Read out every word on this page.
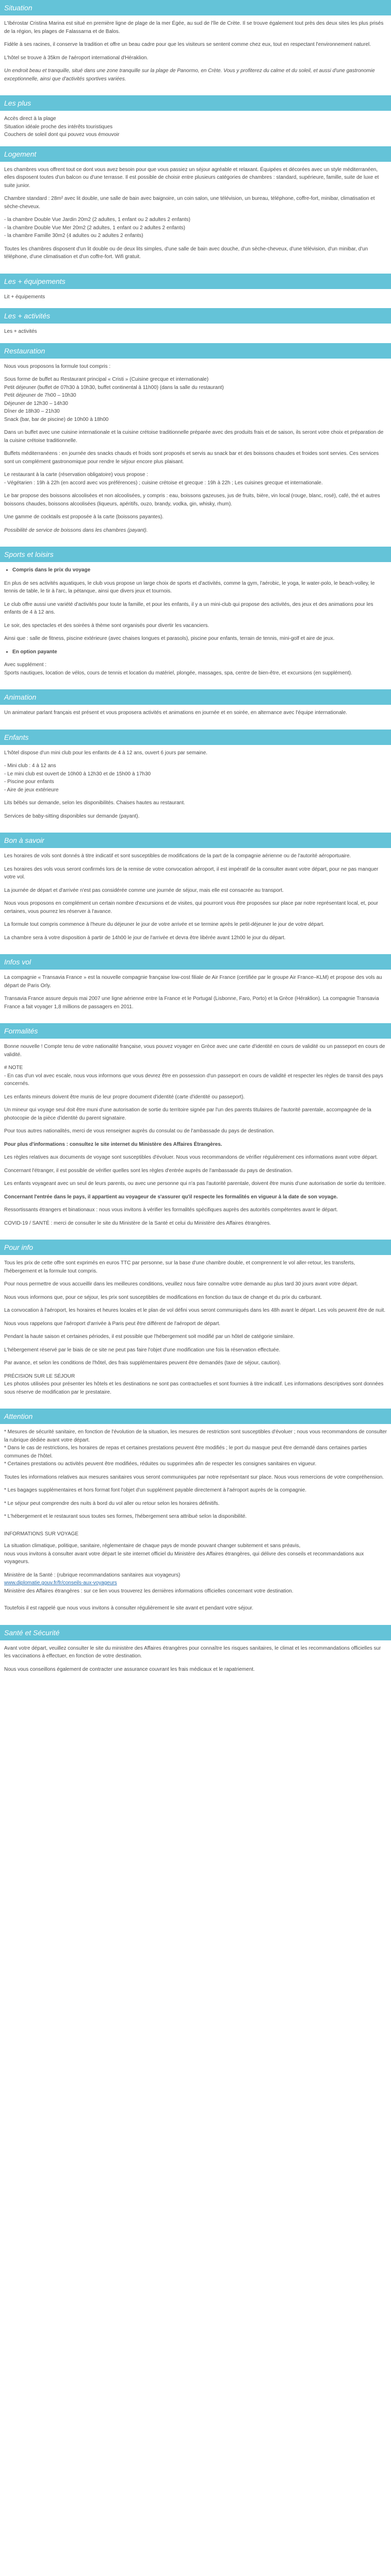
Situation

L'Ibérostar Cristina Marina est situé en première ligne de plage de la mer Égée, au sud de l'île de Crète. Il se trouve également tout près des deux sites les plus prisés de la région, les plages de Falassarna et de Balos.

Fidèle à ses racines, il conserve la tradition et offre un beau cadre pour que les visiteurs se sentent comme chez eux, tout en respectant l'environnement naturel.

L'hôtel se trouve à 35km de l'aéroport international d'Héraklion.

Un endroit beau et tranquille, situé dans une zone tranquille sur la plage de Panormo, en Crète. Vous y profiterez du calme et du soleil, et aussi d'une gastronomie exceptionnelle, ainsi que d'activités sportives variées.

Les plus

Accès direct à la plage

Situation idéale proche des intérêts touristiques

Couchers de soleil dont qui pouvez vous émouvoir

Logement

Les chambres vous offrent tout ce dont vous avez besoin pour que vous passiez un séjour agréable et relaxant. Équipées et décorées avec un style méditerranéen, elles disposent toutes d'un balcon ou d'une terrasse. Il est possible de choisir entre plusieurs catégories de chambres : standard, supérieure, famille, suite de luxe et suite junior.

Chambre standard : 28m² avec lit double, une salle de bain avec baignoire, un coin salon, une télévision, un bureau, téléphone, coffre-fort, minibar, climatisation et sèche-cheveux.

- la chambre Double Vue Jardin 20m2 (2 adultes, 1 enfant ou 2 adultes 2 enfants)

- la chambre Double Vue Mer 20m2 (2 adultes, 1 enfant ou 2 adultes 2 enfants)

- la chambre Famille 30m2 (4 adultes ou 2 adultes 2 enfants)

Toutes les chambres disposent d'un lit double ou de deux lits simples, d'une salle de bain avec douche, d'un sèche-cheveux, d'une télévision, d'un minibar, d'un téléphone, d'une climatisation et d'un coffre-fort. Wifi gratuit.

Les + équipements

Lit + équipements

Les + activités

Les + activités

Restauration

Nous vous proposons la formule tout compris :

Sous forme de buffet au Restaurant principal « Cristi » (Cuisine grecque et internationale)

Petit déjeuner (buffet de 07h30 à 10h30, buffet continental à 11h00) (dans la salle du restaurant)

Petit déjeuner de 7h00 – 10h30

Déjeuner de 12h30 – 14h30

Dîner de 18h30 – 21h30

Snack (bar, bar de piscine) de 10h00 à 18h00

Dans un buffet avec une cuisine internationale et la cuisine crétoise traditionnelle préparée avec des produits frais et de saison, ils seront votre choix et préparation de la cuisine crétoise traditionnelle.

Buffets méditerranéens : en journée des snacks chauds et froids sont proposés et servis au snack bar et des boissons chaudes et froides sont servies. Ces services sont un complément gastronomique pour rendre le séjour encore plus plaisant.

Le restaurant à la carte (réservation obligatoire) vous propose :

- Végétarien : 19h à 22h (en accord avec vos préférences) ; cuisine crétoise et grecque : 19h à 22h ; Les cuisines grecque et internationale.

Le bar propose des boissons alcoolisées et non alcoolisées, y compris : eau, boissons gazeuses, jus de fruits, bière, vin local (rouge, blanc, rosé), café, thé et autres boissons chaudes, boissons alcoolisées (liqueurs, apéritifs, ouzo, brandy, vodka, gin, whisky, rhum).

Une gamme de cocktails est proposée à la carte (boissons payantes).

Possibilité de service de boissons dans les chambres (payant).

Sports et loisirs
• Compris dans le prix du voyage

En plus de ses activités aquatiques, le club vous propose un large choix de sports et d'activités, comme la gym, l'aérobic, le yoga, le water-polo, le beach-volley, le tennis de table, le tir à l'arc, la pétanque, ainsi que divers jeux et tournois.

Le club offre aussi une variété d'activités pour toute la famille, et pour les enfants, il y a un mini-club qui propose des activités, des jeux et des animations pour les enfants de 4 à 12 ans.

Le soir, des spectacles et des soirées à thème sont organisés pour divertir les vacanciers.

Ainsi que : salle de fitness, piscine extérieure (avec chaises longues et parasols), piscine pour enfants, terrain de tennis, mini-golf et aire de jeux.

• En option payante

Avec supplément :

Sports nautiques, location de vélos, cours de tennis et location du matériel, plongée, massages, spa, centre de bien-être, et excursions (en supplément).

Animation

Un animateur parlant français est présent et vous proposera activités et animations en journée et en soirée, en alternance avec l'équipe internationale.

Enfants

L'hôtel dispose d'un mini club pour les enfants de 4 à 12 ans, ouvert 6 jours par semaine.

- Mini club : 4 à 12 ans

- Le mini club est ouvert de 10h00 à 12h30 et de 15h00 à 17h30

- Piscine pour enfants

- Aire de jeux extérieure

Lits bébés sur demande, selon les disponibilités. Chaises hautes au restaurant.

Services de baby-sitting disponibles sur demande (payant).

Bon à savoir

Les horaires de vols sont donnés à titre indicatif et sont susceptibles de modifications de la part de la compagnie aérienne ou de l'autorité aéroportuaire.

Les horaires des vols vous seront confirmés lors de la remise de votre convocation aéroport, il est impératif de la consulter avant votre départ, pour ne pas manquer votre vol.

La journée de départ et d'arrivée n'est pas considérée comme une journée de séjour, mais elle est consacrée au transport.

Nous vous proposons en complément un certain nombre d'excursions et de visites, qui pourront vous être proposées sur place par notre représentant local, et, pour certaines, vous pourrez les réserver à l'avance.

La formule tout compris commence à l'heure du déjeuner le jour de votre arrivée et se termine après le petit-déjeuner le jour de votre départ.

La chambre sera à votre disposition à partir de 14h00 le jour de l'arrivée et devra être libérée avant 12h00 le jour du départ.

Infos vol

La compagnie « Transavia France » est la nouvelle compagnie française low-cost filiale de Air France (certifiée par le groupe Air France–KLM) et propose des vols au départ de Paris Orly.

Transavia France assure depuis mai 2007 une ligne aérienne entre la France et le Portugal (Lisbonne, Faro, Porto) et la Grèce (Héraklion). La compagnie Transavia France a fait voyager 1,8 millions de passagers en 2011.

Formalités

Bonne nouvelle ! Compte tenu de votre nationalité française, vous pouvez voyager en Grèce avec une carte d'identité en cours de validité ou un passeport en cours de validité.

# NOTE

- En cas d'un vol avec escale, nous vous informons que vous devrez être en possession d'un passeport en cours de validité et respecter les règles de transit des pays concernés.

Les enfants mineurs doivent être munis de leur propre document d'identité (carte d'identité ou passeport).

Un mineur qui voyage seul doit être muni d'une autorisation de sortie du territoire signée par l'un des parents titulaires de l'autorité parentale, accompagnée de la photocopie de la pièce d'identité du parent signataire.

Pour tous autres nationalités, merci de vous renseigner auprès du consulat ou de l'ambassade du pays de destination.

Pour plus d'informations : consultez le site internet du Ministère des Affaires Étrangères.

Les règles relatives aux documents de voyage sont susceptibles d'évoluer. Nous vous recommandons de vérifier régulièrement ces informations avant votre départ.

Concernant l'étranger, il est possible de vérifier quelles sont les règles d'entrée auprès de l'ambassade du pays de destination.

Les enfants voyageant avec un seul de leurs parents, ou avec une personne qui n'a pas l'autorité parentale, doivent être munis d'une autorisation de sortie du territoire.

Concernant l'entrée dans le pays, il appartient au voyageur de s'assurer qu'il respecte les formalités en vigueur à la date de son voyage.

Ressortissants étrangers et binationaux : nous vous invitons à vérifier les formalités spécifiques auprès des autorités compétentes avant le départ.

COVID-19 / SANTÉ : merci de consulter le site du Ministère de la Santé et celui du Ministère des Affaires étrangères.

Pour info

Tous les prix de cette offre sont exprimés en euros TTC par personne, sur la base d'une chambre double, et comprennent le vol aller-retour, les transferts, l'hébergement et la formule tout compris.

Pour nous permettre de vous accueillir dans les meilleures conditions, veuillez nous faire connaître votre demande au plus tard 30 jours avant votre départ.

Nous vous informons que, pour ce séjour, les prix sont susceptibles de modifications en fonction du taux de change et du prix du carburant.

La convocation à l'aéroport, les horaires et heures locales et le plan de vol défini vous seront communiqués dans les 48h avant le départ. Les vols peuvent être de nuit.

Nous vous rappelons que l'aéroport d'arrivée à Paris peut être différent de l'aéroport de départ.

Pendant la haute saison et certaines périodes, il est possible que l'hébergement soit modifié par un hôtel de catégorie similaire.

L'hébergement réservé par le biais de ce site ne peut pas faire l'objet d'une modification une fois la réservation effectuée.

Par avance, et selon les conditions de l'hôtel, des frais supplémentaires peuvent être demandés (taxe de séjour, caution).

PRÉCISION SUR LE SÉJOUR

Les photos utilisées pour présenter les hôtels et les destinations ne sont pas contractuelles et sont fournies à titre indicatif. Les informations descriptives sont données sous réserve de modification par le prestataire.

Attention

* Mesures de sécurité sanitaire, en fonction de l'évolution de la situation, les mesures de restriction sont susceptibles d'évoluer ; nous vous recommandons de consulter la rubrique dédiée avant votre départ.

* Dans le cas de restrictions, les horaires de repas et certaines prestations peuvent être modifiés ; le port du masque peut être demandé dans certaines parties communes de l'hôtel.

* Certaines prestations ou activités peuvent être modifiées, réduites ou supprimées afin de respecter les consignes sanitaires en vigueur.

Toutes les informations relatives aux mesures sanitaires vous seront communiquées par notre représentant sur place. Nous vous remercions de votre compréhension.

* Les bagages supplémentaires et hors format font l'objet d'un supplément payable directement à l'aéroport auprès de la compagnie.

* Le séjour peut comprendre des nuits à bord du vol aller ou retour selon les horaires définitifs.

* L'hébergement et le restaurant sous toutes ses formes, l'hébergement sera attribué selon la disponibilité.

INFORMATIONS SUR VOYAGE

La situation climatique, politique, sanitaire, réglementaire de chaque pays de monde pouvant changer subitement et sans préavis,

nous vous invitons à consulter avant votre départ le site internet officiel du Ministère des Affaires étrangères, qui délivre des conseils et recommandations aux voyageurs.

Ministère de la Santé : (rubrique recommandations sanitaires aux voyageurs)

www.diplomatie.gouv.fr/fr/conseils-aux-voyageurs

Ministère des Affaires étrangères : sur ce lien vous trouverez les dernières informations officielles concernant votre destination.

Toutefois il est rappelé que nous vous invitons à consulter régulièrement le site avant et pendant votre séjour.

Santé et Sécurité

Avant votre départ, veuillez consulter le site du ministère des Affaires étrangères pour connaître les risques sanitaires, le climat et les recommandations officielles sur les vaccinations à effectuer, en fonction de votre destination.

Nous vous conseillons également de contracter une assurance couvrant les frais médicaux et le rapatriement.
